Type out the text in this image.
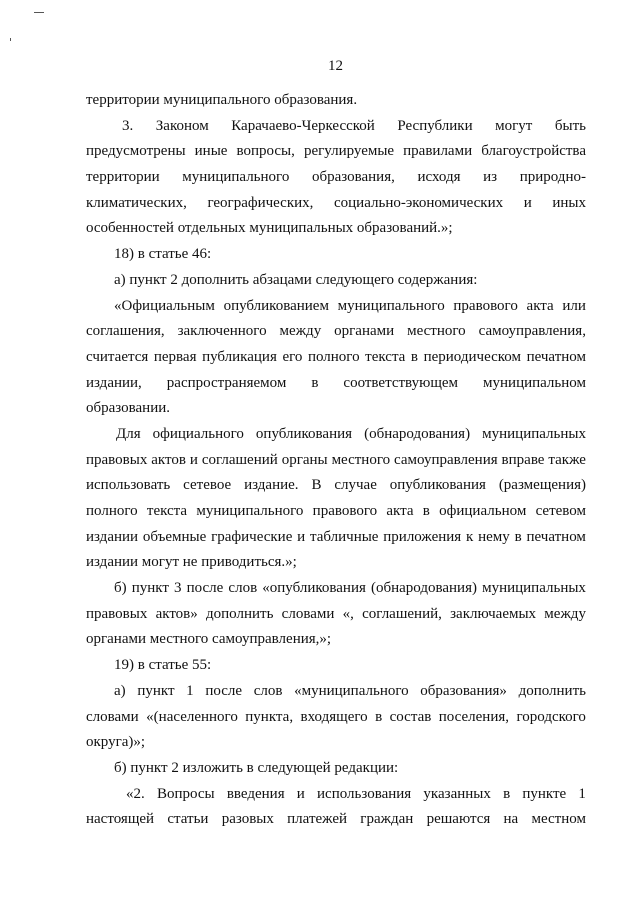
12
территории муниципального образования.
3. Законом Карачаево-Черкесской Республики могут быть
предусмотрены иные вопросы, регулируемые правилами благоустройства
территории муниципального образования, исходя из природно-
климатических, географических, социально-экономических и иных
особенностей отдельных муниципальных образований.»;
18) в статье 46:
а) пункт 2 дополнить абзацами следующего содержания:
«Официальным опубликованием муниципального правового акта или
соглашения, заключенного между органами местного самоуправления,
считается первая публикация его полного текста в периодическом печатном
издании, распространяемом в соответствующем муниципальном
образовании.
Для официального опубликования (обнародования) муниципальных
правовых актов и соглашений органы местного самоуправления вправе также
использовать сетевое издание. В случае опубликования (размещения)
полного текста муниципального правового акта в официальном сетевом
издании объемные графические и табличные приложения к нему в печатном
издании могут не приводиться.»;
б) пункт 3 после слов «опубликования (обнародования) муниципальных
правовых актов» дополнить словами «, соглашений, заключаемых между
органами местного самоуправления,»;
19) в статье 55:
а) пункт 1 после слов «муниципального образования» дополнить
словами «(населенного пункта, входящего в состав поселения, городского
округа)»;
б) пункт 2 изложить в следующей редакции:
«2. Вопросы введения и использования указанных в пункте 1
настоящей статьи разовых платежей граждан решаются на местном
